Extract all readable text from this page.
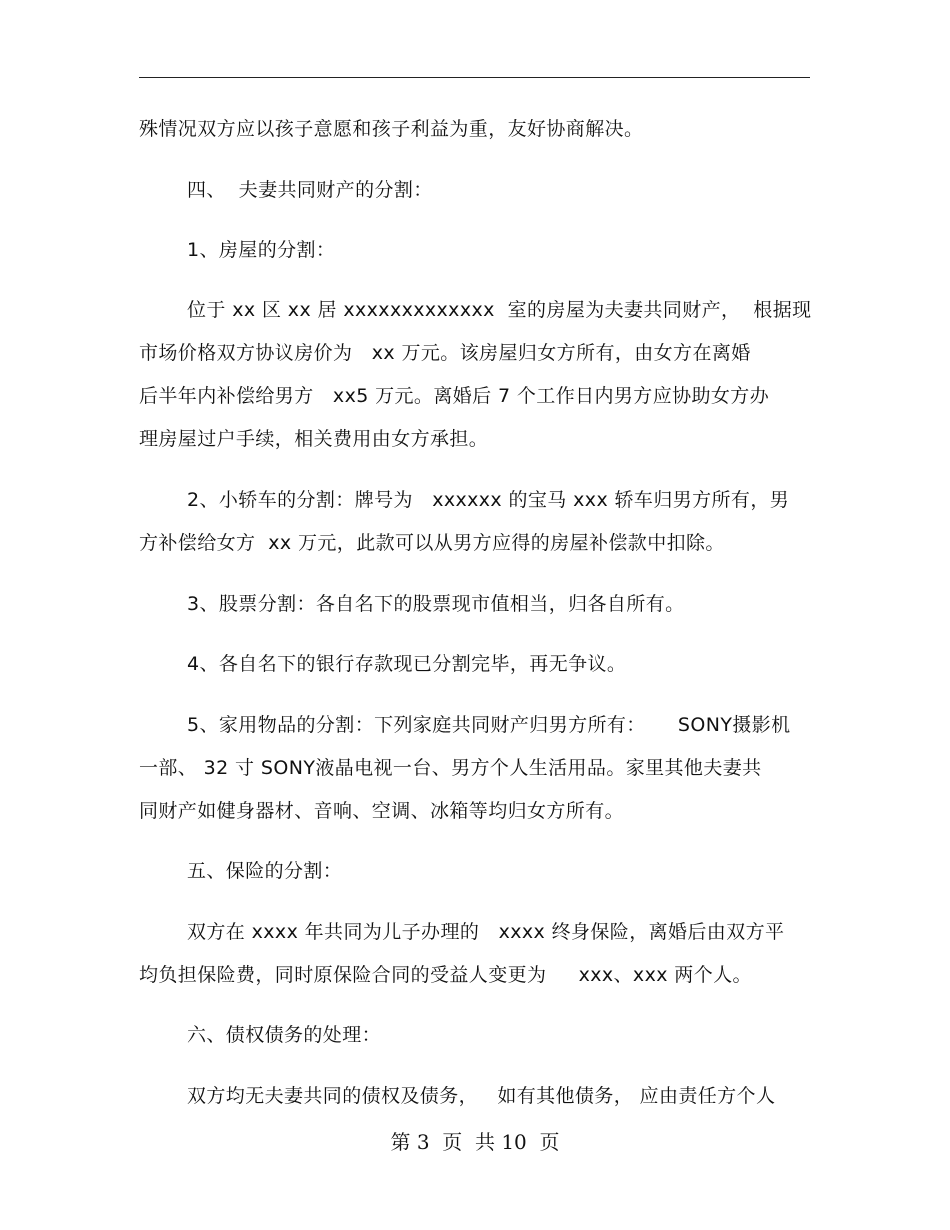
殊情况双方应以孩子意愿和孩子利益为重，友好协商解决。
四、  夫妻共同财产的分割：
1、房屋的分割：
位于 xx 区 xx 居 xxxxxxxxxxxxx  室的房屋为夫妻共同财产，  根据现
市场价格双方协议房价为   xx 万元。该房屋归女方所有，由女方在离婚
后半年内补偿给男方   xx5 万元。离婚后 7 个工作日内男方应协助女方办
理房屋过户手续，相关费用由女方承担。
2、小轿车的分割：牌号为   xxxxxx 的宝马 xxx 轿车归男方所有，男
方补偿给女方  xx 万元，此款可以从男方应得的房屋补偿款中扣除。
3、股票分割：各自名下的股票现市值相当，归各自所有。
4、各自名下的银行存款现已分割完毕，再无争议。
5、家用物品的分割：下列家庭共同财产归男方所有：     SONY摄影机
一部、 32 寸 SONY液晶电视一台、男方个人生活用品。家里其他夫妻共
同财产如健身器材、音响、空调、冰箱等均归女方所有。
五、保险的分割：
双方在 xxxx 年共同为儿子办理的   xxxx 终身保险，离婚后由双方平
均负担保险费，同时原保险合同的受益人变更为     xxx、xxx 两个人。
六、债权债务的处理：
双方均无夫妻共同的债权及债务，   如有其他债务， 应由责任方个人
第 3  页  共 10  页
